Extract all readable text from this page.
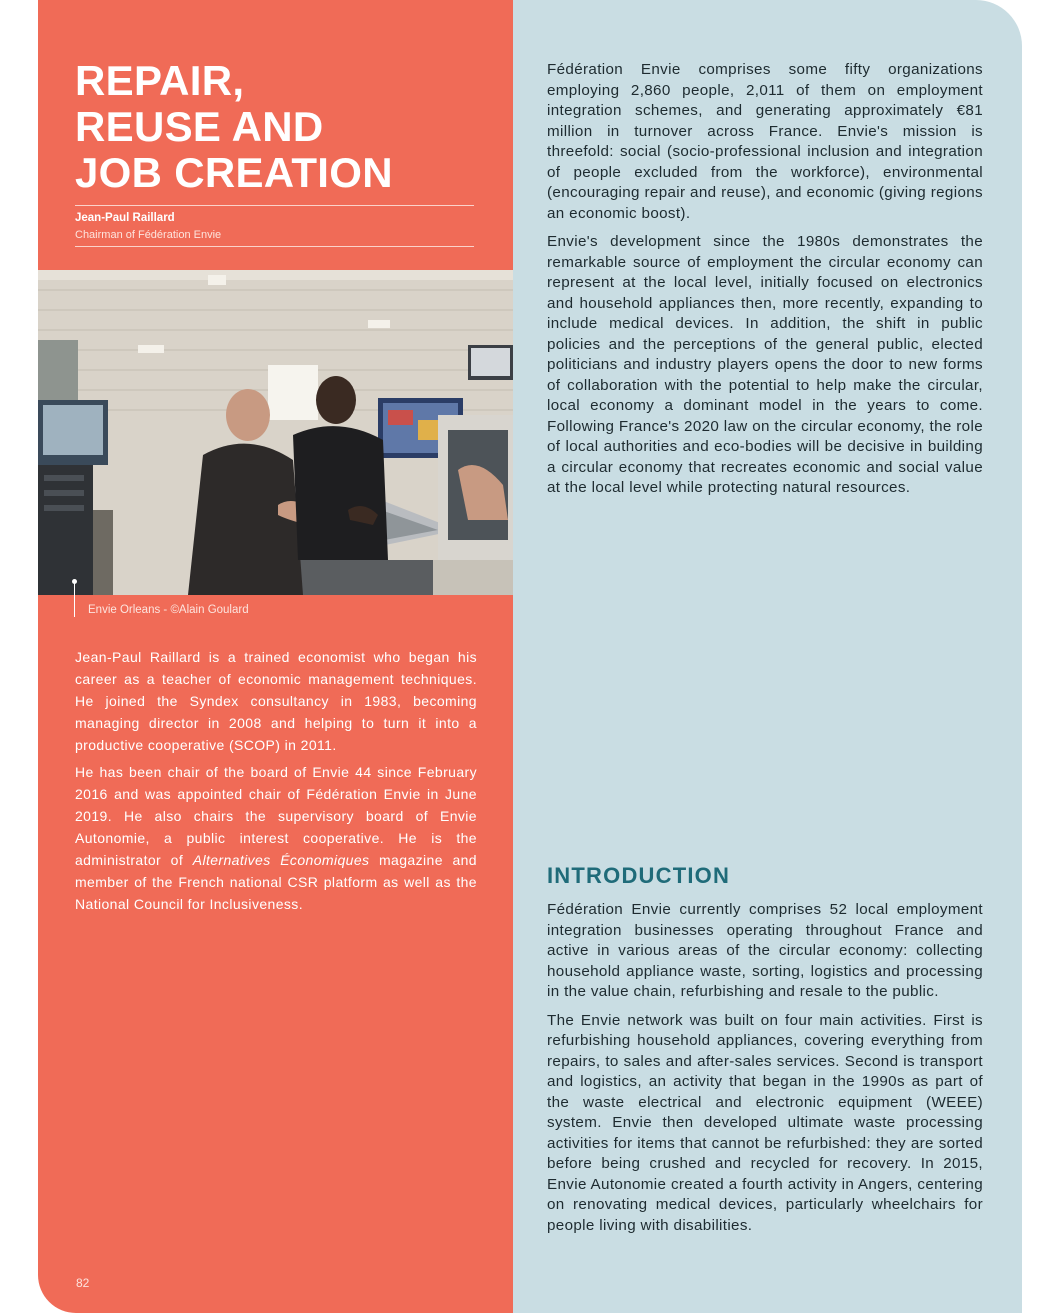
REPAIR,
REUSE AND
JOB CREATION
Jean-Paul Raillard
Chairman of Fédération Envie
Envie Orleans - ©Alain Goulard

Jean-Paul Raillard is a trained economist who began his career as a teacher of economic management techniques. He joined the Syndex consultancy in 1983, becoming managing director in 2008 and helping to turn it into a productive cooperative (SCOP) in 2011.

He has been chair of the board of Envie 44 since February 2016 and was appointed chair of Fédération Envie in June 2019. He also chairs the supervisory board of Envie Autonomie, a public interest cooperative. He is the administrator of Alternatives Économiques magazine and member of the French national CSR platform as well as the National Council for Inclusiveness.

82

Fédération Envie comprises some fifty organizations employing 2,860 people, 2,011 of them on employment integration schemes, and generating approximately €81 million in turnover across France. Envie's mission is threefold: social (socio-professional inclusion and integration of people excluded from the workforce), environmental (encouraging repair and reuse), and economic (giving regions an economic boost).

Envie's development since the 1980s demonstrates the remarkable source of employment the circular economy can represent at the local level, initially focused on electronics and household appliances then, more recently, expanding to include medical devices. In addition, the shift in public policies and the perceptions of the general public, elected politicians and industry players opens the door to new forms of collaboration with the potential to help make the circular, local economy a dominant model in the years to come. Following France's 2020 law on the circular economy, the role of local authorities and eco-bodies will be decisive in building a circular economy that recreates economic and social value at the local level while protecting natural resources.

INTRODUCTION

Fédération Envie currently comprises 52 local employment integration businesses operating throughout France and active in various areas of the circular economy: collecting household appliance waste, sorting, logistics and processing in the value chain, refurbishing and resale to the public.

The Envie network was built on four main activities. First is refurbishing household appliances, covering everything from repairs, to sales and after-sales services. Second is transport and logistics, an activity that began in the 1990s as part of the waste electrical and electronic equipment (WEEE) system. Envie then developed ultimate waste processing activities for items that cannot be refurbished: they are sorted before being crushed and recycled for recovery. In 2015, Envie Autonomie created a fourth activity in Angers, centering on renovating medical devices, particularly wheelchairs for people living with disabilities.
